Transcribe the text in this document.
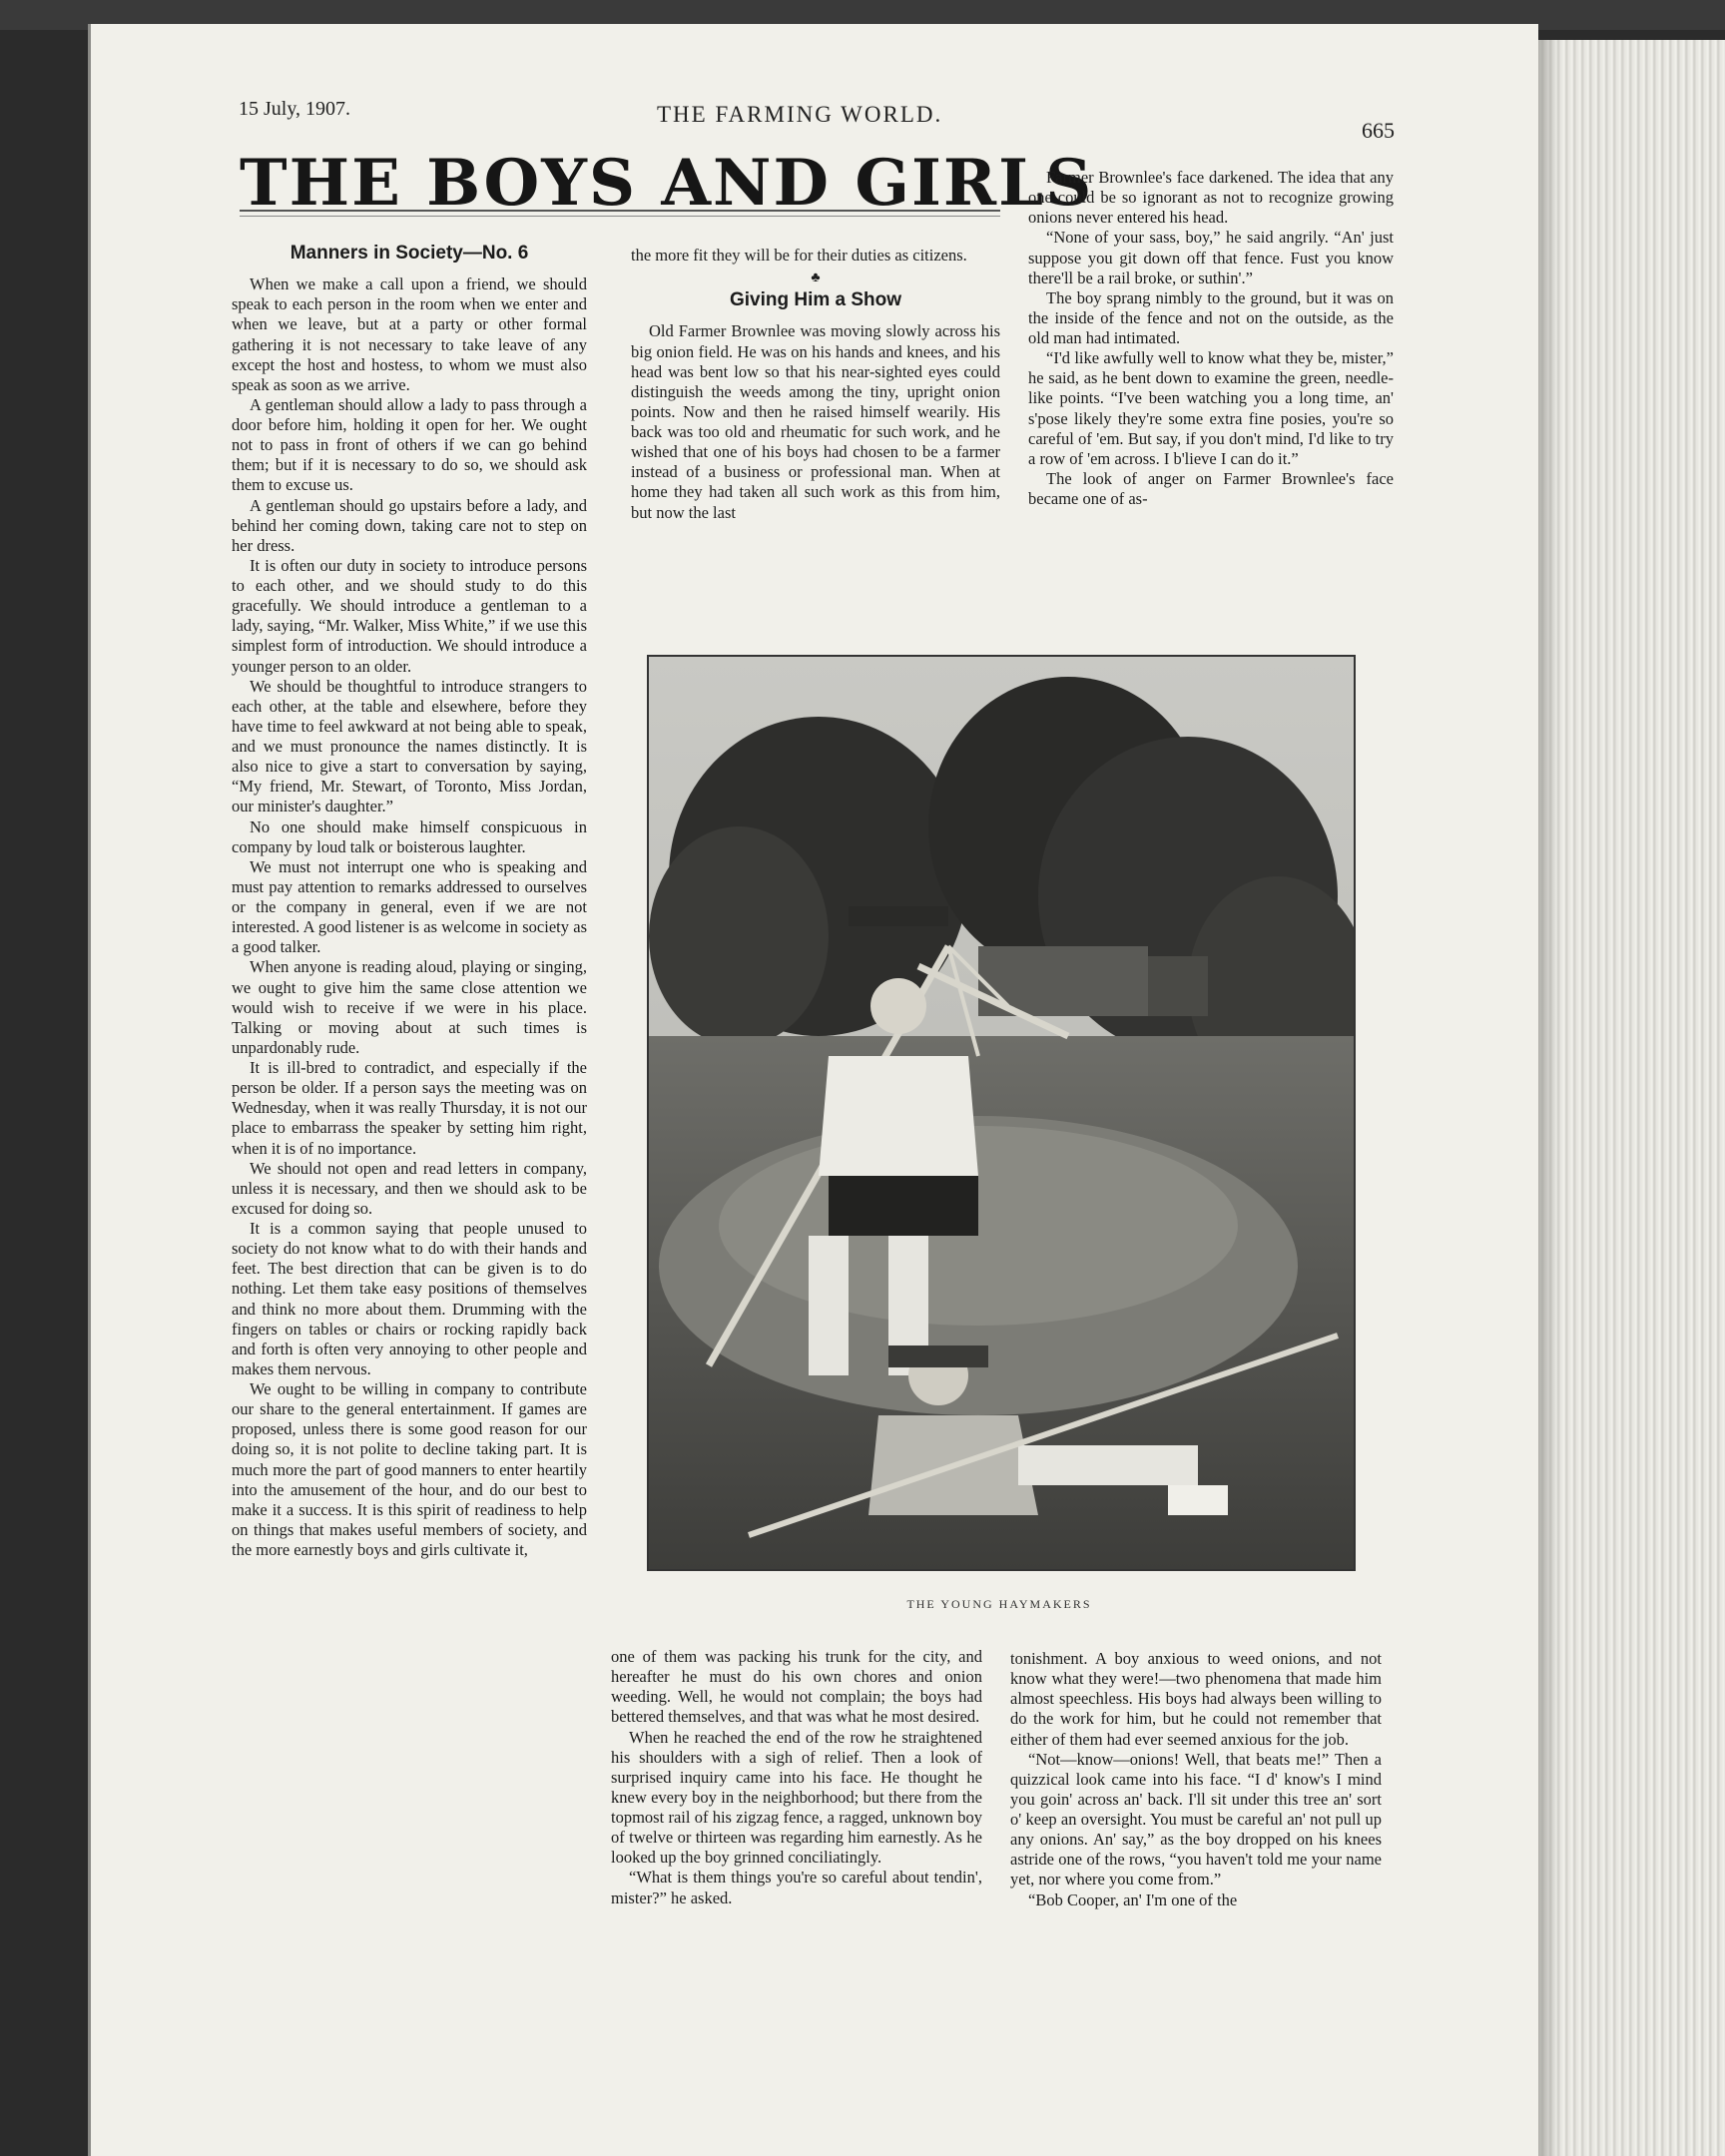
15 July, 1907.	THE FARMING WORLD.
665
THE BOYS AND GIRLS
Manners in Society—No. 6

When we make a call upon a friend, we should speak to each person in the room when we enter and when we leave, but at a party or other formal gathering it is not necessary to take leave of any except the host and hostess, to whom we must also speak as soon as we arrive.

A gentleman should allow a lady to pass through a door before him, holding it open for her. We ought not to pass in front of others if we can go behind them; but if it is necessary to do so, we should ask them to excuse us.

A gentleman should go upstairs before a lady, and behind her coming down, taking care not to step on her dress.

It is often our duty in society to introduce persons to each other, and we should study to do this gracefully. We should introduce a gentleman to a lady, saying, “Mr. Walker, Miss White,” if we use this simplest form of introduction. We should introduce a younger person to an older.

We should be thoughtful to introduce strangers to each other, at the table and elsewhere, before they have time to feel awkward at not being able to speak, and we must pronounce the names distinctly. It is also nice to give a start to conversation by saying, “My friend, Mr. Stewart, of Toronto, Miss Jordan, our minister's daughter.”

No one should make himself conspicuous in company by loud talk or boisterous laughter.

We must not interrupt one who is speaking and must pay attention to remarks addressed to ourselves or the company in general, even if we are not interested. A good listener is as welcome in society as a good talker.

When anyone is reading aloud, playing or singing, we ought to give him the same close attention we would wish to receive if we were in his place. Talking or moving about at such times is unpardonably rude.

It is ill-bred to contradict, and especially if the person be older. If a person says the meeting was on Wednesday, when it was really Thursday, it is not our place to embarrass the speaker by setting him right, when it is of no importance.

We should not open and read letters in company, unless it is necessary, and then we should ask to be excused for doing so.

It is a common saying that people unused to society do not know what to do with their hands and feet. The best direction that can be given is to do nothing. Let them take easy positions of themselves and think no more about them. Drumming with the fingers on tables or chairs or rocking rapidly back and forth is often very annoying to other people and makes them nervous.

We ought to be willing in company to contribute our share to the general entertainment. If games are proposed, unless there is some good reason for our doing so, it is not polite to decline taking part. It is much more the part of good manners to enter heartily into the amusement of the hour, and do our best to make it a success. It is this spirit of readiness to help on things that makes useful members of society, and the more earnestly boys and girls cultivate it,

the more fit they will be for their duties as citizens.

♣
Giving Him a Show

Old Farmer Brownlee was moving slowly across his big onion field. He was on his hands and knees, and his head was bent low so that his near-sighted eyes could distinguish the weeds among the tiny, upright onion points. Now and then he raised himself wearily. His back was too old and rheumatic for such work, and he wished that one of his boys had chosen to be a farmer instead of a business or professional man. When at home they had taken all such work as this from him, but now the last

Farmer Brownlee's face darkened. The idea that any one could be so ignorant as not to recognize growing onions never entered his head.

“None of your sass, boy,” he said angrily. “An' just suppose you git down off that fence. Fust you know there'll be a rail broke, or suthin'.”

The boy sprang nimbly to the ground, but it was on the inside of the fence and not on the outside, as the old man had intimated.

“I'd like awfully well to know what they be, mister,” he said, as he bent down to examine the green, needle-like points. “I've been watching you a long time, an' s'pose likely they're some extra fine posies, you're so careful of 'em. But say, if you don't mind, I'd like to try a row of 'em across. I b'lieve I can do it.”

The look of anger on Farmer Brownlee's face became one of as-

THE YOUNG HAYMAKERS

one of them was packing his trunk for the city, and hereafter he must do his own chores and onion weeding. Well, he would not complain; the boys had bettered themselves, and that was what he most desired.

When he reached the end of the row he straightened his shoulders with a sigh of relief. Then a look of surprised inquiry came into his face. He thought he knew every boy in the neighborhood; but there from the topmost rail of his zigzag fence, a ragged, unknown boy of twelve or thirteen was regarding him earnestly. As he looked up the boy grinned conciliatingly.

“What is them things you're so careful about tendin', mister?” he asked.

tonishment. A boy anxious to weed onions, and not know what they were!—two phenomena that made him almost speechless. His boys had always been willing to do the work for him, but he could not remember that either of them had ever seemed anxious for the job.

“Not—know—onions! Well, that beats me!” Then a quizzical look came into his face. “I d' know's I mind you goin' across an' back. I'll sit under this tree an' sort o' keep an oversight. You must be careful an' not pull up any onions. An' say,” as the boy dropped on his knees astride one of the rows, “you haven't told me your name yet, nor where you come from.”

“Bob Cooper, an' I'm one of the
